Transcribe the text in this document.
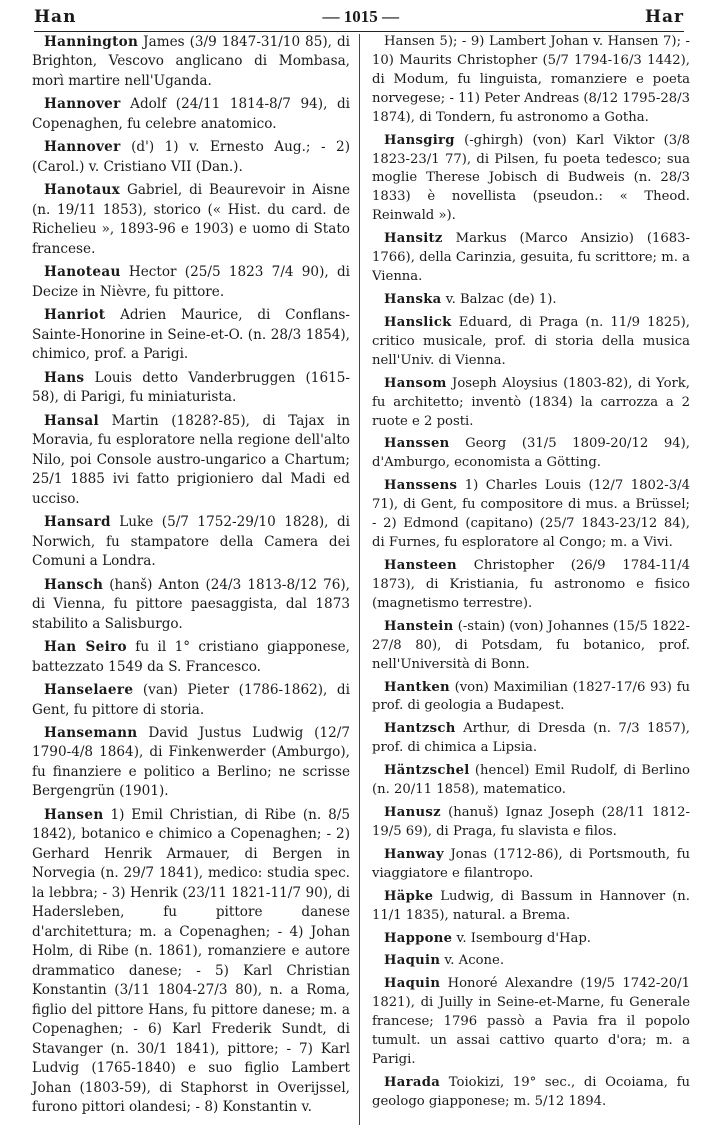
Han	— 1015 —	Har

Hannington James (3/9 1847-31/10 85), di Brighton, Vescovo anglicano di Mombasa, morì martire nell'Uganda.

Hannover Adolf (24/11 1814-8/7 94), di Copenaghen, fu celebre anatomico.

Hannover (d') 1) v. Ernesto Aug.; - 2) (Carol.) v. Cristiano VII (Dan.).

Hanotaux Gabriel, di Beaurevoir in Aisne (n. 19/11 1853), storico (« Hist. du card. de Richelieu », 1893-96 e 1903) e uomo di Stato francese.

Hanoteau Hector (25/5 1823 7/4 90), di Decize in Nièvre, fu pittore.

Hanriot Adrien Maurice, di Conflans-Sainte-Honorine in Seine-et-O. (n. 28/3 1854), chimico, prof. a Parigi.

Hans Louis detto Vanderbruggen (1615-58), di Parigi, fu miniaturista.

Hansal Martin (1828?-85), di Tajax in Moravia, fu esploratore nella regione dell'alto Nilo, poi Console austro-ungarico a Chartum; 25/1 1885 ivi fatto prigioniero dal Madi ed ucciso.

Hansard Luke (5/7 1752-29/10 1828), di Norwich, fu stampatore della Camera dei Comuni a Londra.

Hansch (hanš) Anton (24/3 1813-8/12 76), di Vienna, fu pittore paesaggista, dal 1873 stabilito a Salisburgo.

Han Seiro fu il 1° cristiano giapponese, battezzato 1549 da S. Francesco.

Hanselaere (van) Pieter (1786-1862), di Gent, fu pittore di storia.

Hansemann David Justus Ludwig (12/7 1790-4/8 1864), di Finkenwerder (Amburgo), fu finanziere e politico a Berlino; ne scrisse Bergengrün (1901).

Hansen 1) Emil Christian, di Ribe (n. 8/5 1842), botanico e chimico a Copenaghen; - 2) Gerhard Henrik Armauer, di Bergen in Norvegia (n. 29/7 1841), medico: studia spec. la lebbra; - 3) Henrik (23/11 1821-11/7 90), di Hadersleben, fu pittore danese d'architettura; m. a Copenaghen; - 4) Johan Holm, di Ribe (n. 1861), romanziere e autore drammatico danese; - 5) Karl Christian Konstantin (3/11 1804-27/3 80), n. a Roma, figlio del pittore Hans, fu pittore danese; m. a Copenaghen; - 6) Karl Frederik Sundt, di Stavanger (n. 30/1 1841), pittore; - 7) Karl Ludvig (1765-1840) e suo figlio Lambert Johan (1803-59), di Staphorst in Overijssel, furono pittori olandesi; - 8) Konstantin v.

Hansen 5); - 9) Lambert Johan v. Hansen 7); - 10) Maurits Christopher (5/7 1794-16/3 1442), di Modum, fu linguista, romanziere e poeta norvegese; - 11) Peter Andreas (8/12 1795-28/3 1874), di Tondern, fu astronomo a Gotha.

Hansgirg (-ghirgh) (von) Karl Viktor (3/8 1823-23/1 77), di Pilsen, fu poeta tedesco; sua moglie Therese Jobisch di Budweis (n. 28/3 1833) è novellista (pseudon.: « Theod. Reinwald »).

Hansitz Markus (Marco Ansizio) (1683-1766), della Carinzia, gesuita, fu scrittore; m. a Vienna.

Hanska v. Balzac (de) 1).

Hanslick Eduard, di Praga (n. 11/9 1825), critico musicale, prof. di storia della musica nell'Univ. di Vienna.

Hansom Joseph Aloysius (1803-82), di York, fu architetto; inventò (1834) la carrozza a 2 ruote e 2 posti.

Hanssen Georg (31/5 1809-20/12 94), d'Amburgo, economista a Götting.

Hanssens 1) Charles Louis (12/7 1802-3/4 71), di Gent, fu compositore di mus. a Brüssel; - 2) Edmond (capitano) (25/7 1843-23/12 84), di Furnes, fu esploratore al Congo; m. a Vivi.

Hansteen Christopher (26/9 1784-11/4 1873), di Kristiania, fu astronomo e fisico (magnetismo terrestre).

Hanstein (-stain) (von) Johannes (15/5 1822-27/8 80), di Potsdam, fu botanico, prof. nell'Università di Bonn.

Hantken (von) Maximilian (1827-17/6 93) fu prof. di geologia a Budapest.

Hantzsch Arthur, di Dresda (n. 7/3 1857), prof. di chimica a Lipsia.

Häntzschel (hencel) Emil Rudolf, di Berlino (n. 20/11 1858), matematico.

Hanusz (hanuš) Ignaz Joseph (28/11 1812-19/5 69), di Praga, fu slavista e filos.

Hanway Jonas (1712-86), di Portsmouth, fu viaggiatore e filantropo.

Häpke Ludwig, di Bassum in Hannover (n. 11/1 1835), natural. a Brema.

Happone v. Isembourg d'Hap.

Haquin v. Acone.

Haquin Honoré Alexandre (19/5 1742-20/1 1821), di Juilly in Seine-et-Marne, fu Generale francese; 1796 passò a Pavia fra il popolo tumult. un assai cattivo quarto d'ora; m. a Parigi.

Harada Toiokizi, 19° sec., di Ocoiama, fu geologo giapponese; m. 5/12 1894.
